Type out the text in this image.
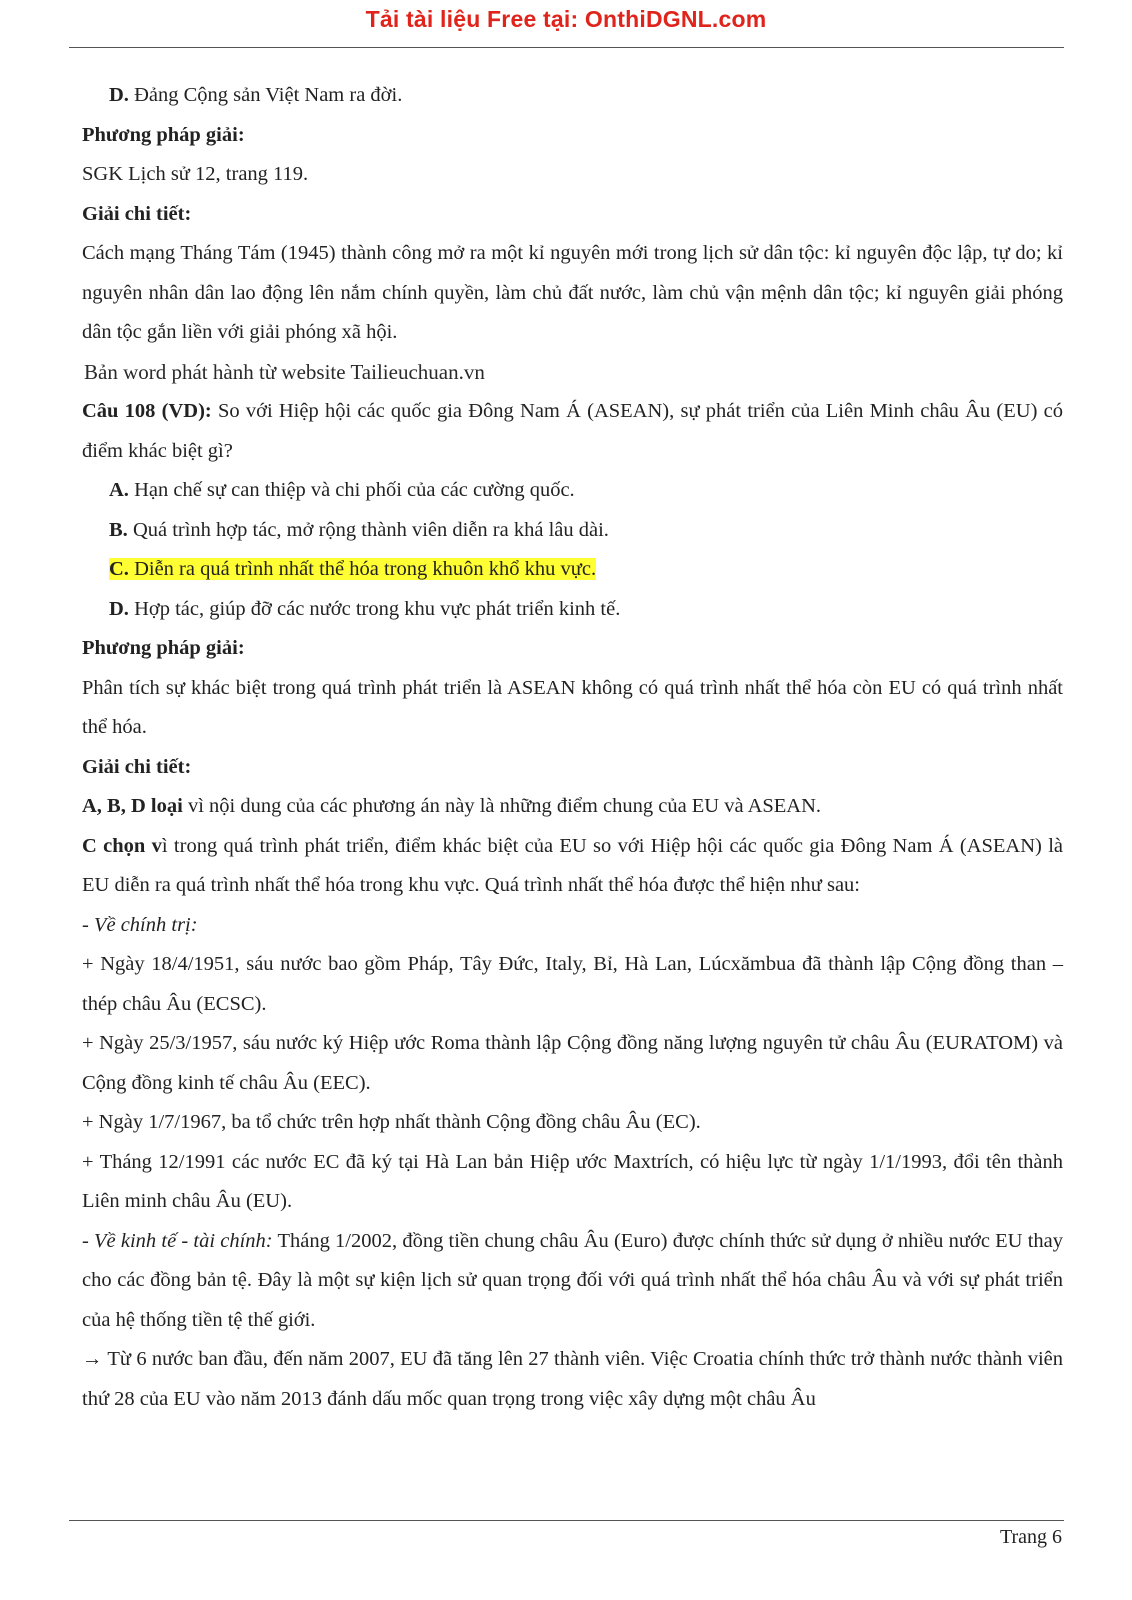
Tải tài liệu Free tại: OnthiDGNL.com

D. Đảng Cộng sản Việt Nam ra đời.

Phương pháp giải:

SGK Lịch sử 12, trang 119.

Giải chi tiết:

Cách mạng Tháng Tám (1945) thành công mở ra một kỉ nguyên mới trong lịch sử dân tộc: kỉ nguyên độc lập, tự do; kỉ nguyên nhân dân lao động lên nắm chính quyền, làm chủ đất nước, làm chủ vận mệnh dân tộc; kỉ nguyên giải phóng dân tộc gắn liền với giải phóng xã hội.

Bản word phát hành từ website Tailieuchuan.vn

Câu 108 (VD): So với Hiệp hội các quốc gia Đông Nam Á (ASEAN), sự phát triển của Liên Minh châu Âu (EU) có điểm khác biệt gì?

A. Hạn chế sự can thiệp và chi phối của các cường quốc.

B. Quá trình hợp tác, mở rộng thành viên diễn ra khá lâu dài.

C. Diễn ra quá trình nhất thể hóa trong khuôn khổ khu vực.

D. Hợp tác, giúp đỡ các nước trong khu vực phát triển kinh tế.

Phương pháp giải:

Phân tích sự khác biệt trong quá trình phát triển là ASEAN không có quá trình nhất thể hóa còn EU có quá trình nhất thể hóa.

Giải chi tiết:

A, B, D loại vì nội dung của các phương án này là những điểm chung của EU và ASEAN.

C chọn vì trong quá trình phát triển, điểm khác biệt của EU so với Hiệp hội các quốc gia Đông Nam Á (ASEAN) là EU diễn ra quá trình nhất thể hóa trong khu vực. Quá trình nhất thể hóa được thể hiện như sau:

- Về chính trị:

+ Ngày 18/4/1951, sáu nước bao gồm Pháp, Tây Đức, Italy, Bỉ, Hà Lan, Lúcxămbua đã thành lập Cộng đồng than – thép châu Âu (ECSC).

+ Ngày 25/3/1957, sáu nước ký Hiệp ước Roma thành lập Cộng đồng năng lượng nguyên tử châu Âu (EURATOM) và Cộng đồng kinh tế châu Âu (EEC).

+ Ngày 1/7/1967, ba tổ chức trên hợp nhất thành Cộng đồng châu Âu (EC).

+ Tháng 12/1991 các nước EC đã ký tại Hà Lan bản Hiệp ước Maxtrích, có hiệu lực từ ngày 1/1/1993, đổi tên thành Liên minh châu Âu (EU).

- Về kinh tế - tài chính: Tháng 1/2002, đồng tiền chung châu Âu (Euro) được chính thức sử dụng ở nhiều nước EU thay cho các đồng bản tệ. Đây là một sự kiện lịch sử quan trọng đối với quá trình nhất thể hóa châu Âu và với sự phát triển của hệ thống tiền tệ thế giới.

→ Từ 6 nước ban đầu, đến năm 2007, EU đã tăng lên 27 thành viên. Việc Croatia chính thức trở thành nước thành viên thứ 28 của EU vào năm 2013 đánh dấu mốc quan trọng trong việc xây dựng một châu Âu

Trang 6
